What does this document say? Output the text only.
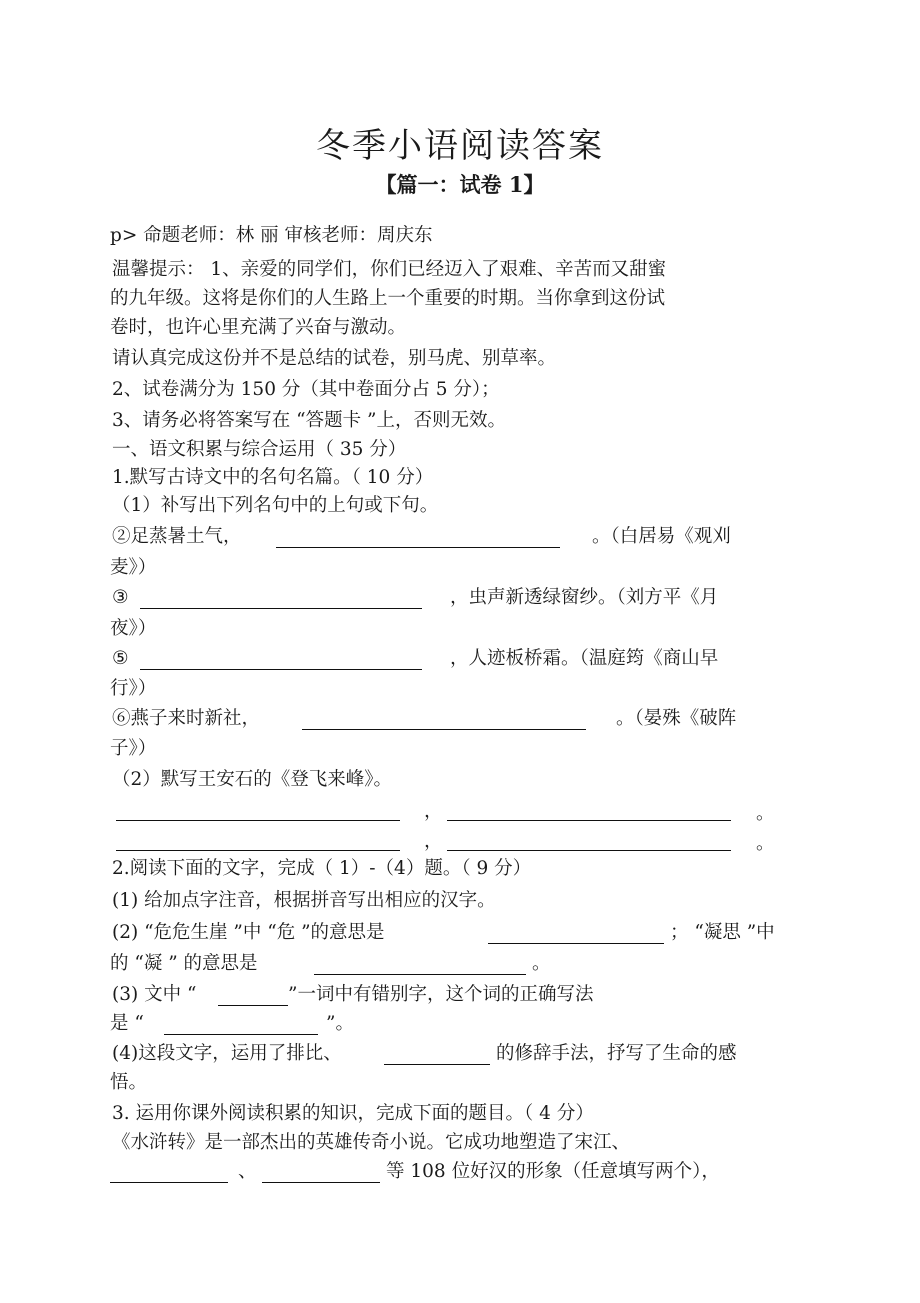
冬季小语阅读答案
【篇一：试卷 1】
p> 命题老师：林 丽 审核老师：周庆东
温馨提示： 1、亲爱的同学们，你们已经迈入了艰难、辛苦而又甜蜜
的九年级。这将是你们的人生路上一个重要的时期。当你拿到这份试
卷时，也许心里充满了兴奋与激动。
请认真完成这份并不是总结的试卷，别马虎、别草率。
2、试卷满分为 150 分（其中卷面分占 5 分）；
3、请务必将答案写在 “答题卡 ”上，否则无效。
一、语文积累与综合运用（ 35 分）
1.默写古诗文中的名句名篇。（ 10 分）
（1）补写出下列名句中的上句或下句。
②足蒸暑土气，	。（白居易《观刈
麦》）
③	，虫声新透绿窗纱。（刘方平《月
夜》）
⑤	，人迹板桥霜。（温庭筠《商山早
行》）
⑥燕子来时新社，	。（晏殊《破阵
子》）
（2）默写王安石的《登飞来峰》。
，	。
，	。
2.阅读下面的文字，完成（ 1）-（4）题。（ 9 分）
(1) 给加点字注音，根据拼音写出相应的汉字。
(2) “危危生崖 ”中 “危 ”的意思是	； “凝思 ”中
的 “凝 ” 的意思是	。
(3) 文中 “	”一词中有错别字，这个词的正确写法
是 “	”。
(4)这段文字，运用了排比、	的修辞手法，抒写了生命的感
悟。
3. 运用你课外阅读积累的知识，完成下面的题目。（ 4 分）
《水浒转》是一部杰出的英雄传奇小说。它成功地塑造了宋江、
、	等 108 位好汉的形象（任意填写两个），
